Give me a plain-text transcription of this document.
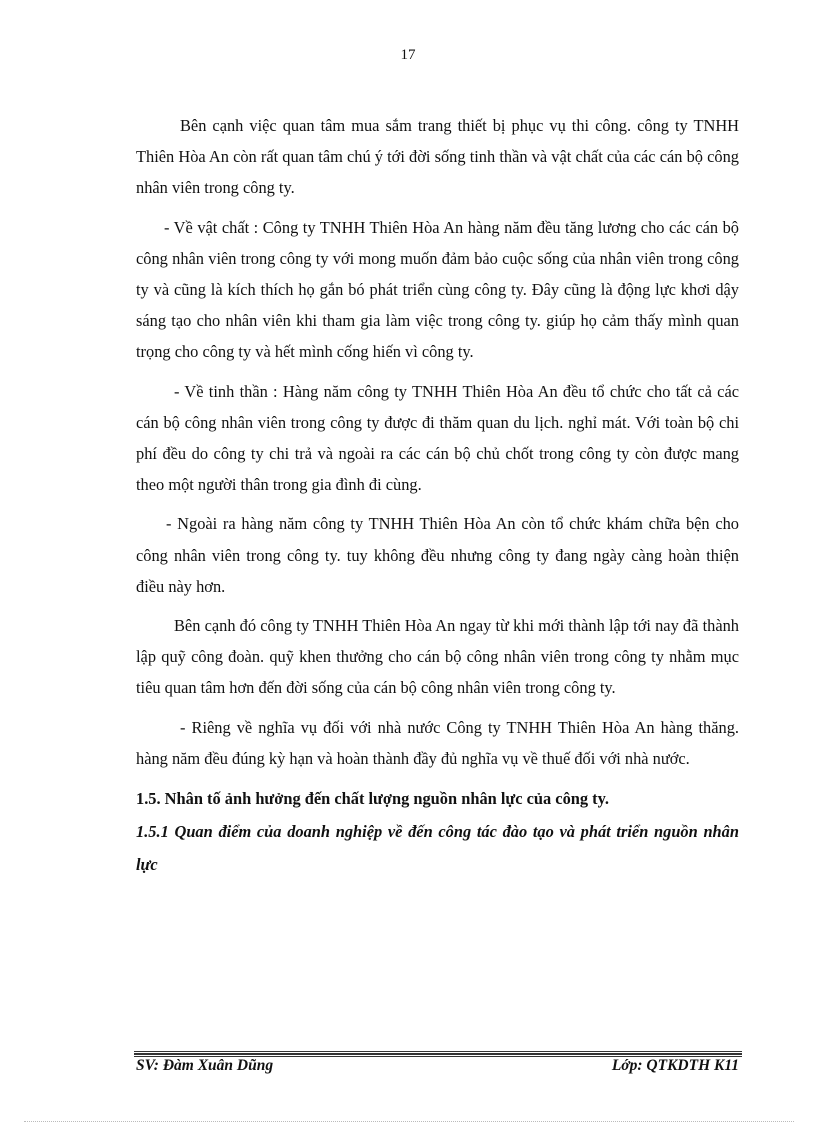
17

Bên cạnh việc quan tâm mua sắm trang thiết bị phục vụ thi công. công ty TNHH Thiên Hòa An còn rất quan tâm chú ý tới đời sống tinh thần và vật chất của các cán bộ công nhân viên trong công ty.

- Về vật chất : Công ty TNHH Thiên Hòa An hàng năm đều tăng lương cho các cán bộ công nhân viên trong công ty với mong muốn đảm bảo cuộc sống của nhân viên trong công ty và cũng là kích thích họ gắn bó phát triển cùng công ty. Đây cũng là động lực khơi dậy sáng tạo cho nhân viên khi tham gia làm việc trong công ty. giúp họ cảm thấy mình quan trọng cho công ty và hết mình cống hiến vì công ty.

- Về tinh thần : Hàng năm công ty TNHH Thiên Hòa An đều tổ chức cho tất cả các cán bộ công nhân viên trong công ty được đi thăm quan du lịch. nghỉ mát. Với toàn bộ chi phí đều do công ty chi trả và ngoài ra các cán bộ chủ chốt trong công ty còn được mang theo một người thân trong gia đình đi cùng.

- Ngoài ra hàng năm công ty TNHH Thiên Hòa An còn tổ chức khám chữa bện cho công nhân viên trong công ty. tuy không đều nhưng công ty đang ngày càng hoàn thiện điều này hơn.

Bên cạnh đó công ty TNHH Thiên Hòa An ngay từ khi mới thành lập tới nay đã thành lập quỹ công đoàn. quỹ khen thưởng cho cán bộ công nhân viên trong công ty nhằm mục tiêu quan tâm hơn đến đời sống của cán bộ công nhân viên trong công ty.

- Riêng về nghĩa vụ đối với nhà nước Công ty TNHH Thiên Hòa An hàng thăng. hàng năm đều đúng kỳ hạn và hoàn thành đầy đủ nghĩa vụ về thuế đối với nhà nước.

1.5. Nhân tố ảnh hưởng đến chất lượng nguồn nhân lực của công ty.

1.5.1 Quan điểm của doanh nghiệp về đến công tác đào tạo và phát triển nguồn nhân lực

SV: Đàm Xuân Dũng	Lớp: QTKDTH K11
